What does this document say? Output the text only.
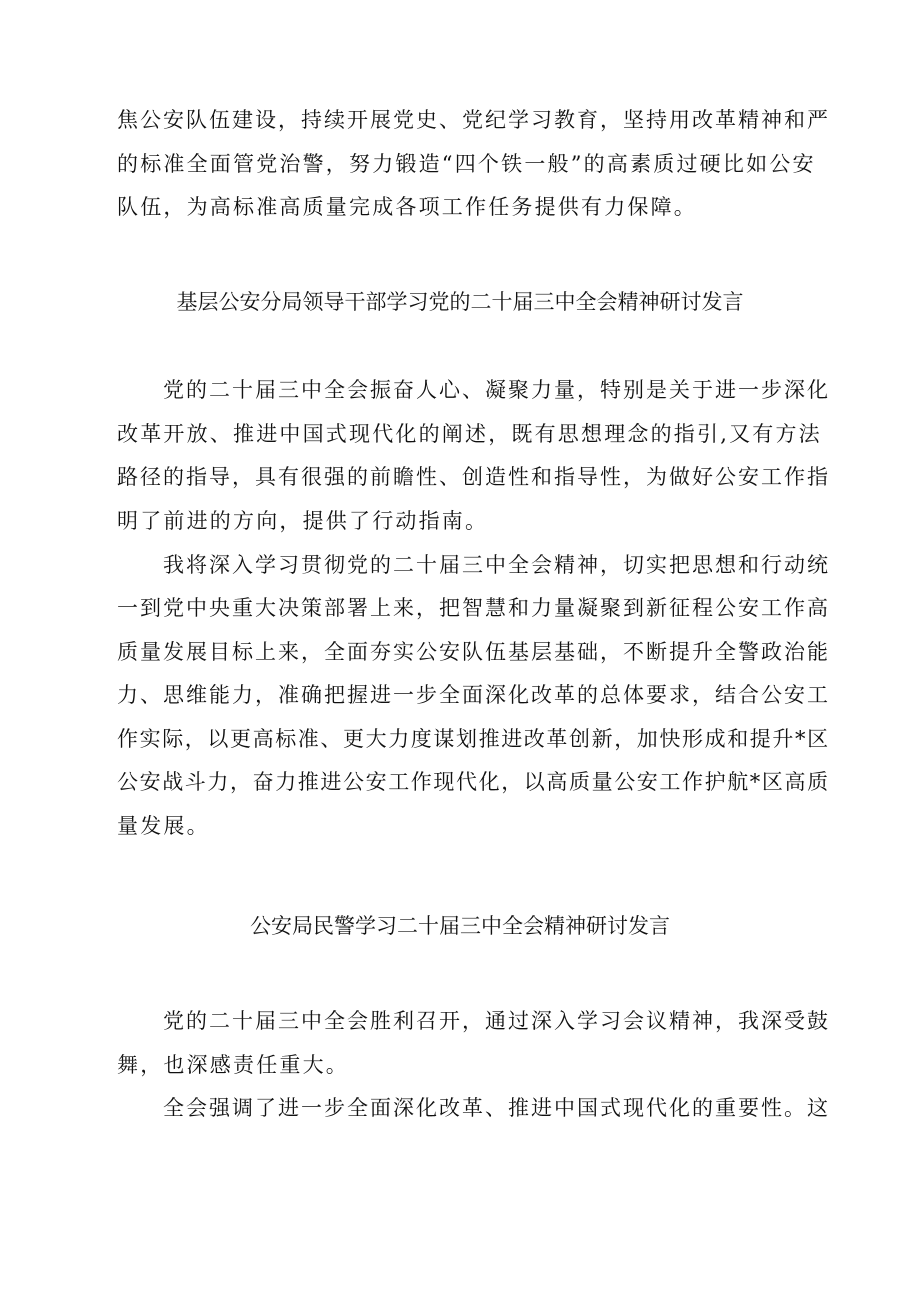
焦公安队伍建设，持续开展党史、党纪学习教育，坚持用改革精神和严
的标准全面管党治警，努力锻造“四个铁一般”的高素质过硬比如公安
队伍，为高标准高质量完成各项工作任务提供有力保障。
基层公安分局领导干部学习党的二十届三中全会精神研讨发言
党的二十届三中全会振奋人心、凝聚力量，特别是关于进一步深化
改革开放、推进中国式现代化的阐述，既有思想理念的指引,又有方法
路径的指导，具有很强的前瞻性、创造性和指导性，为做好公安工作指
明了前进的方向，提供了行动指南。
我将深入学习贯彻党的二十届三中全会精神，切实把思想和行动统
一到党中央重大决策部署上来，把智慧和力量凝聚到新征程公安工作高
质量发展目标上来，全面夯实公安队伍基层基础，不断提升全警政治能
力、思维能力，准确把握进一步全面深化改革的总体要求，结合公安工
作实际，以更高标准、更大力度谋划推进改革创新，加快形成和提升*区
公安战斗力，奋力推进公安工作现代化，以高质量公安工作护航*区高质
量发展。
公安局民警学习二十届三中全会精神研讨发言
党的二十届三中全会胜利召开，通过深入学习会议精神，我深受鼓
舞，也深感责任重大。
全会强调了进一步全面深化改革、推进中国式现代化的重要性。这
